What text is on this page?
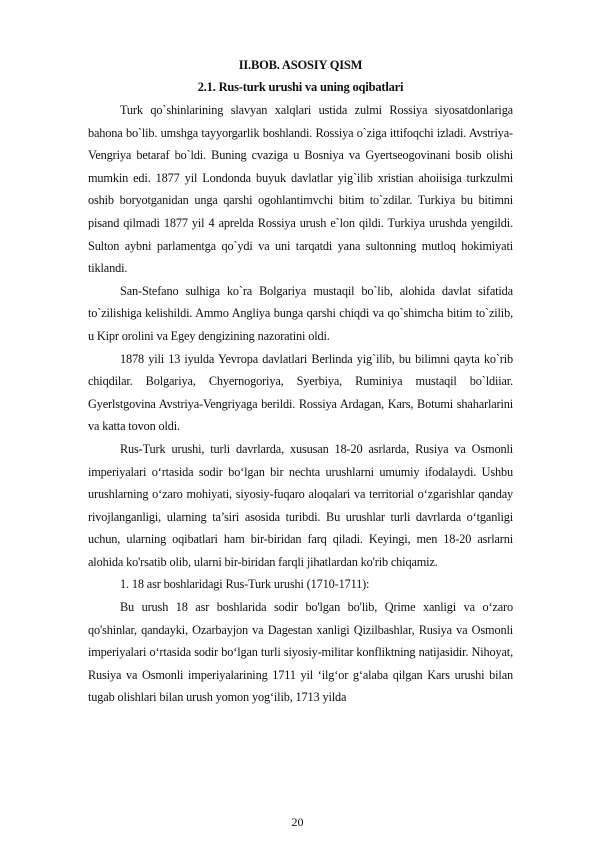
II.BOB. ASOSIY QISM
2.1. Rus-turk urushi va uning oqibatlari

Turk qo`shinlarining slavyan xalqlari ustida zulmi Rossiya siyosatdonlariga bahona bo`lib. umshga tayyorgarlik boshlandi. Rossiya o`ziga ittifoqchi izladi. Avstriya-Vengriya betaraf bo`ldi. Buning cvaziga u Bosniya va Gyertseogovinani bosib olishi mumkin edi. 1877 yil Londonda buyuk davlatlar yig`ilib xristian ahoiisiga turkzulmi oshib boryotganidan unga qarshi ogohlantimvchi bitim to`zdilar. Turkiya bu bitimni pisand qilmadi 1877 yil 4 aprelda Rossiya urush e`lon qildi. Turkiya urushda yengildi. Sulton aybni parlamentga qo`ydi va uni tarqatdi yana sultonning mutloq hokimiyati tiklandi.

San-Stefano sulhiga ko`ra Bolgariya mustaqil bo`lib, alohida davlat sifatida to`zilishiga kelishildi. Ammo Angliya bunga qarshi chiqdi va qo`shimcha bitim to`zilib, u Kipr orolini va Egey dengizining nazoratini oldi.

1878 yili 13 iyulda Yevropa davlatlari Berlinda yig`ilib, bu bilimni qayta ko`rib chiqdilar. Bolgariya, Chyernogoriya, Syerbiya, Ruminiya mustaqil bo`ldiiar. Gyerlstgovina Avstriya-Vengriyaga berildi. Rossiya Ardagan, Kars, Botumi shaharlarini va katta tovon oldi.

Rus-Turk urushi, turli davrlarda, xususan 18-20 asrlarda, Rusiya va Osmonli imperiyalari o‘rtasida sodir bo‘lgan bir nechta urushlarni umumiy ifodalaydi. Ushbu urushlarning o‘zaro mohiyati, siyosiy-fuqaro aloqalari va territorial o‘zgarishlar qanday rivojlanganligi, ularning ta’siri asosida turibdi. Bu urushlar turli davrlarda o‘tganligi uchun, ularning oqibatlari ham bir-biridan farq qiladi. Keyingi, men 18-20 asrlarni alohida ko'rsatib olib, ularni bir-biridan farqli jihatlardan ko'rib chiqamiz.

1. 18 asr boshlaridagi Rus-Turk urushi (1710-1711):

Bu urush 18 asr boshlarida sodir bo'lgan bo'lib, Qrime xanligi va o‘zaro qo'shinlar, qandayki, Ozarbayjon va Dagestan xanligi Qizilbashlar, Rusiya va Osmonli imperiyalari o‘rtasida sodir bo‘lgan turli siyosiy-militar konfliktning natijasidir. Nihoyat, Rusiya va Osmonli imperiyalarining 1711 yil ‘ilg‘or g‘alaba qilgan Kars urushi bilan tugab olishlari bilan urush yomon yog‘ilib, 1713 yilda

20
